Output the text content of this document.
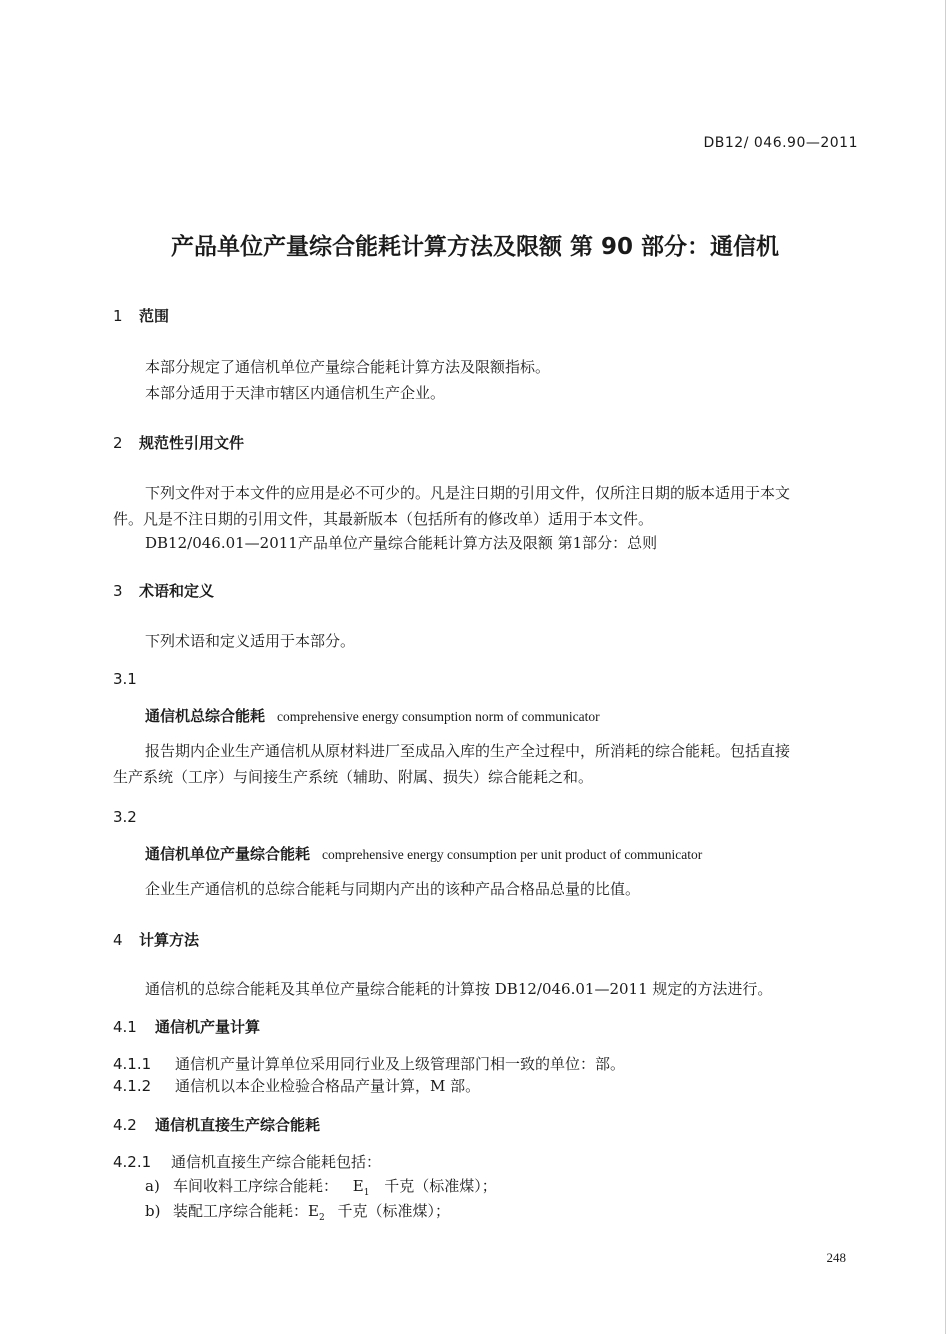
DB12/ 046.90—2011
产品单位产量综合能耗计算方法及限额 第 90 部分：通信机
1 范围
本部分规定了通信机单位产量综合能耗计算方法及限额指标。
本部分适用于天津市辖区内通信机生产企业。
2 规范性引用文件
下列文件对于本文件的应用是必不可少的。凡是注日期的引用文件，仅所注日期的版本适用于本文
件。凡是不注日期的引用文件，其最新版本（包括所有的修改单）适用于本文件。
DB12/046.01—2011产品单位产量综合能耗计算方法及限额 第1部分：总则
3 术语和定义
下列术语和定义适用于本部分。
3.1
通信机总综合能耗 comprehensive energy consumption norm of communicator
报告期内企业生产通信机从原材料进厂至成品入库的生产全过程中，所消耗的综合能耗。包括直接
生产系统（工序）与间接生产系统（辅助、附属、损失）综合能耗之和。
3.2
通信机单位产量综合能耗 comprehensive energy consumption per unit product of communicator
企业生产通信机的总综合能耗与同期内产出的该种产品合格品总量的比值。
4 计算方法
通信机的总综合能耗及其单位产量综合能耗的计算按 DB12/046.01—2011 规定的方法进行。
4.1 通信机产量计算
4.1.1 通信机产量计算单位采用同行业及上级管理部门相一致的单位：部。
4.1.2 通信机以本企业检验合格品产量计算，M 部。
4.2 通信机直接生产综合能耗
4.2.1 通信机直接生产综合能耗包括：
a) 车间收料工序综合能耗： $E_1$ 千克（标准煤）；
b) 装配工序综合能耗：$E_2$ 千克（标准煤）；
248
